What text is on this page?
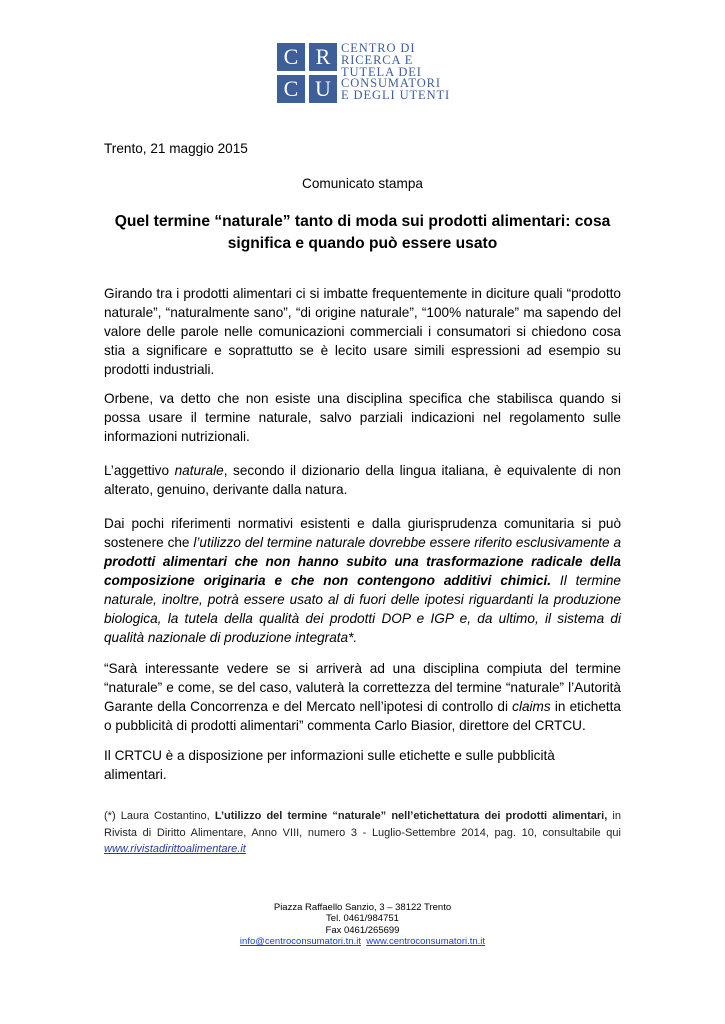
C R
C U
CENTRO DI
RICERCA E
TUTELA DEI
CONSUMATORI
E DEGLI UTENTI
Trento, 21 maggio 2015
Comunicato stampa
Quel termine “naturale” tanto di moda sui prodotti alimentari: cosa
significa e quando può essere usato
Girando tra i prodotti alimentari ci si imbatte frequentemente in diciture quali “prodotto naturale”, “naturalmente sano”, “di origine naturale”, “100% naturale” ma sapendo del valore delle parole nelle comunicazioni commerciali i consumatori si chiedono cosa stia a significare e soprattutto se è lecito usare simili espressioni ad esempio su prodotti industriali.
Orbene, va detto che non esiste una disciplina specifica che stabilisca quando si possa usare il termine naturale, salvo parziali indicazioni nel regolamento sulle informazioni nutrizionali.
L’aggettivo naturale, secondo il dizionario della lingua italiana, è equivalente di non alterato, genuino, derivante dalla natura.
Dai pochi riferimenti normativi esistenti e dalla giurisprudenza comunitaria si può sostenere che l’utilizzo del termine naturale dovrebbe essere riferito esclusivamente a prodotti alimentari che non hanno subito una trasformazione radicale della composizione originaria e che non contengono additivi chimici. Il termine naturale, inoltre, potrà essere usato al di fuori delle ipotesi riguardanti la produzione biologica, la tutela della qualità dei prodotti DOP e IGP e, da ultimo, il sistema di qualità nazionale di produzione integrata*.
“Sarà interessante vedere se si arriverà ad una disciplina compiuta del termine “naturale” e come, se del caso, valuterà la correttezza del termine “naturale” l’Autorità Garante della Concorrenza e del Mercato nell’ipotesi di controllo di claims in etichetta o pubblicità di prodotti alimentari” commenta Carlo Biasior, direttore del CRTCU.
Il CRTCU è a disposizione per informazioni sulle etichette e sulle pubblicità alimentari.
(*) Laura Costantino, L’utilizzo del termine “naturale” nell’etichettatura dei prodotti alimentari, in Rivista di Diritto Alimentare, Anno VIII, numero 3 - Luglio-Settembre 2014, pag. 10, consultabile qui www.rivistadirittoalimentare.it
Piazza Raffaello Sanzio, 3 – 38122 Trento
Tel. 0461/984751
Fax 0461/265699
info@centroconsumatori.tn.it www.centroconsumatori.tn.it
